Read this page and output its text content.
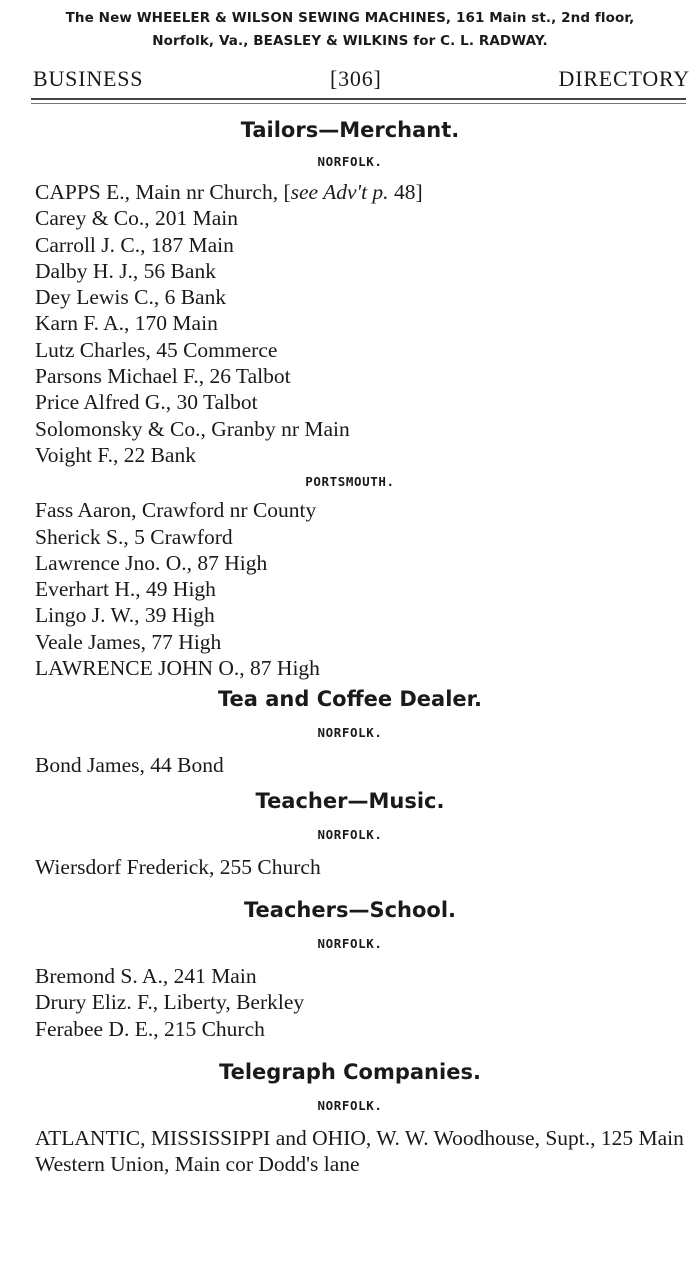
The New WHEELER & WILSON SEWING MACHINES, 161 Main st., 2nd floor,
Norfolk, Va., BEASLEY & WILKINS for C. L. RADWAY.
BUSINESS	[306]	DIRECTORY
Tailors—Merchant.
NORFOLK.
CAPPS E., Main nr Church, [see Adv't p. 48]
Carey & Co., 201 Main
Carroll J. C., 187 Main
Dalby H. J., 56 Bank
Dey Lewis C., 6 Bank
Karn F. A., 170 Main
Lutz Charles, 45 Commerce
Parsons Michael F., 26 Talbot
Price Alfred G., 30 Talbot
Solomonsky & Co., Granby nr Main
Voight F., 22 Bank
PORTSMOUTH.
Fass Aaron, Crawford nr County
Sherick S., 5 Crawford
Lawrence Jno. O., 87 High
Everhart H., 49 High
Lingo J. W., 39 High
Veale James, 77 High
LAWRENCE JOHN O., 87 High
Tea and Coffee Dealer.
NORFOLK.
Bond James, 44 Bond
Teacher—Music.
NORFOLK.
Wiersdorf Frederick, 255 Church
Teachers—School.
NORFOLK.
Bremond S. A., 241 Main
Drury Eliz. F., Liberty, Berkley
Ferabee D. E., 215 Church
Telegraph Companies.
NORFOLK.
ATLANTIC, MISSISSIPPI and OHIO, W. W. Woodhouse, Supt., 125 Main
Western Union, Main cor Dodd's lane
